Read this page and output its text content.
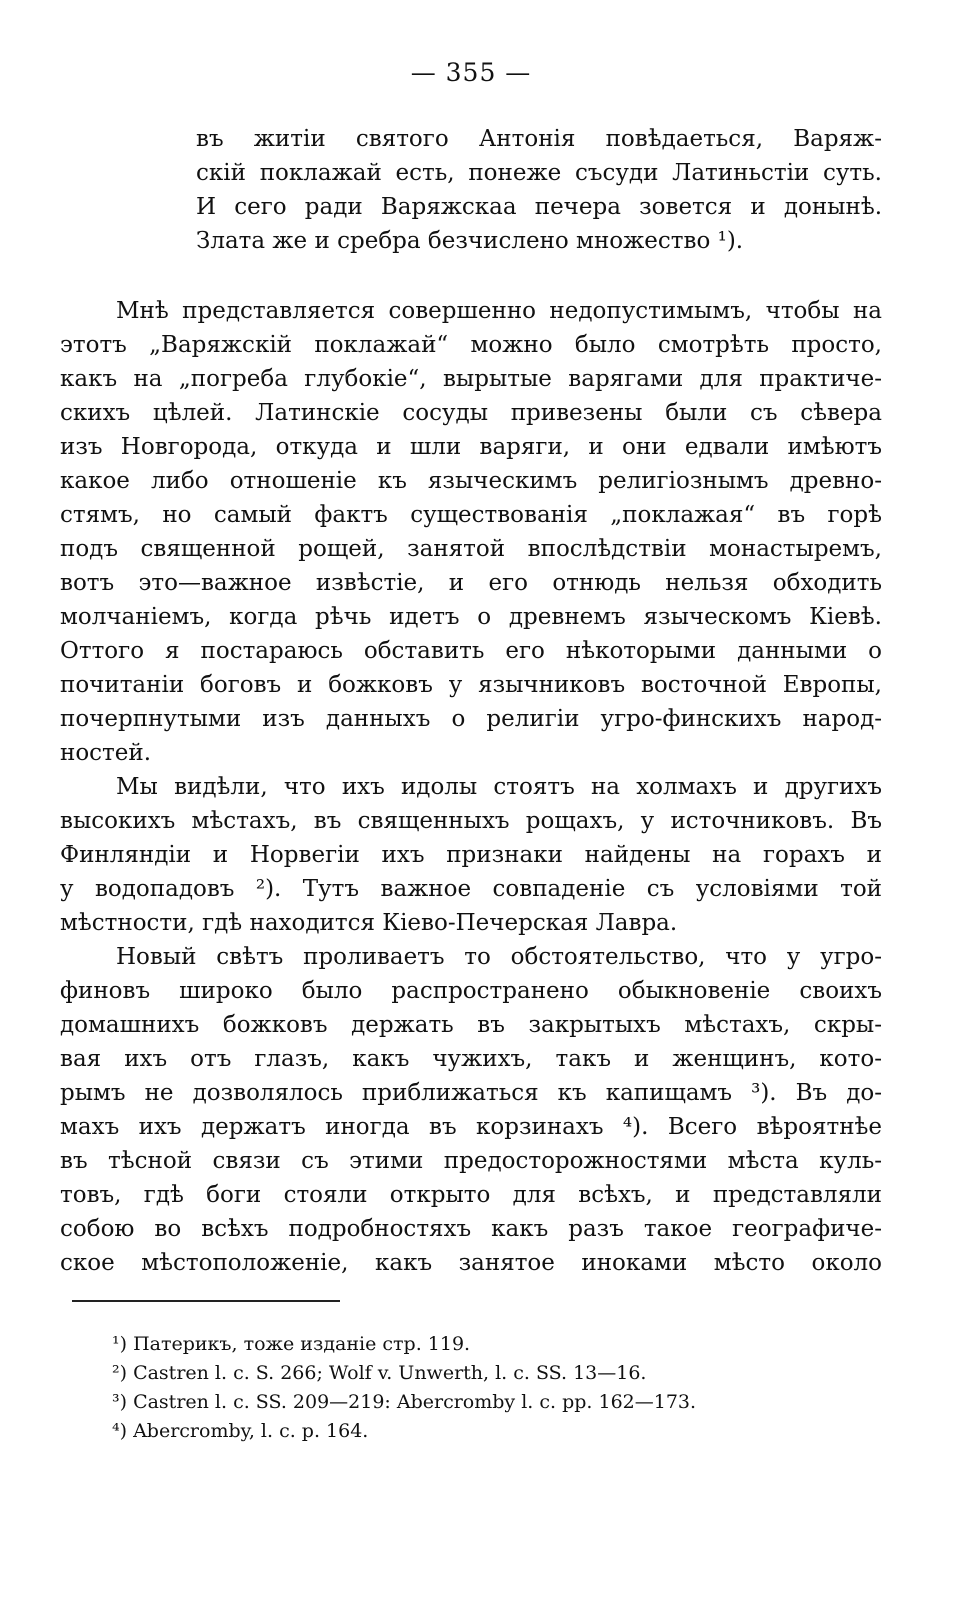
— 355 —
въ житіи святого Антонія повѣдаеться, Варяж-
скій поклажай есть, понеже съсуди Латиньстіи суть.
И сего ради Варяжскаа печера зовется и донынѣ.
Злата же и сребра безчислено множество ¹).
Мнѣ представляется совершенно недопустимымъ, чтобы на
этотъ „Варяжскій поклажай“ можно было смотрѣть просто,
какъ на „погреба глубокіе“, вырытые варягами для практиче-
скихъ цѣлей. Латинскіе сосуды привезены были съ сѣвера
изъ Новгорода, откуда и шли варяги, и они едвали имѣютъ
какое либо отношеніе къ языческимъ религіознымъ древно-
стямъ, но самый фактъ существованія „поклажая“ въ горѣ
подъ священной рощей, занятой впослѣдствіи монастыремъ,
вотъ это—важное извѣстіе, и его отнюдь нельзя обходить
молчаніемъ, когда рѣчь идетъ о древнемъ языческомъ Кіевѣ.
Оттого я постараюсь обставить его нѣкоторыми данными о
почитаніи боговъ и божковъ у язычниковъ восточной Европы,
почерпнутыми изъ данныхъ о религіи угро-финскихъ народ-
ностей.
Мы видѣли, что ихъ идолы стоятъ на холмахъ и другихъ
высокихъ мѣстахъ, въ священныхъ рощахъ, у источниковъ. Въ
Финляндіи и Норвегіи ихъ признаки найдены на горахъ и
у водопадовъ ²). Тутъ важное совпаденіе съ условіями той
мѣстности, гдѣ находится Кіево-Печерская Лавра.
Новый свѣтъ проливаетъ то обстоятельство, что у угро-
финовъ широко было распространено обыкновеніе своихъ
домашнихъ божковъ держать въ закрытыхъ мѣстахъ, скры-
вая ихъ отъ глазъ, какъ чужихъ, такъ и женщинъ, кото-
рымъ не дозволялось приближаться къ капищамъ ³). Въ до-
махъ ихъ держатъ иногда въ корзинахъ ⁴). Всего вѣроятнѣе
въ тѣсной связи съ этими предосторожностями мѣста куль-
товъ, гдѣ боги стояли открыто для всѣхъ, и представляли
собою во всѣхъ подробностяхъ какъ разъ такое географиче-
ское мѣстоположеніе, какъ занятое иноками мѣсто около
¹) Патерикъ, тоже изданіе стр. 119.
²) Castren l. c. S. 266; Wolf v. Unwerth, l. c. SS. 13—16.
³) Castren l. c. SS. 209—219: Abercromby l. c. pp. 162—173.
⁴) Abercromby, l. c. p. 164.
